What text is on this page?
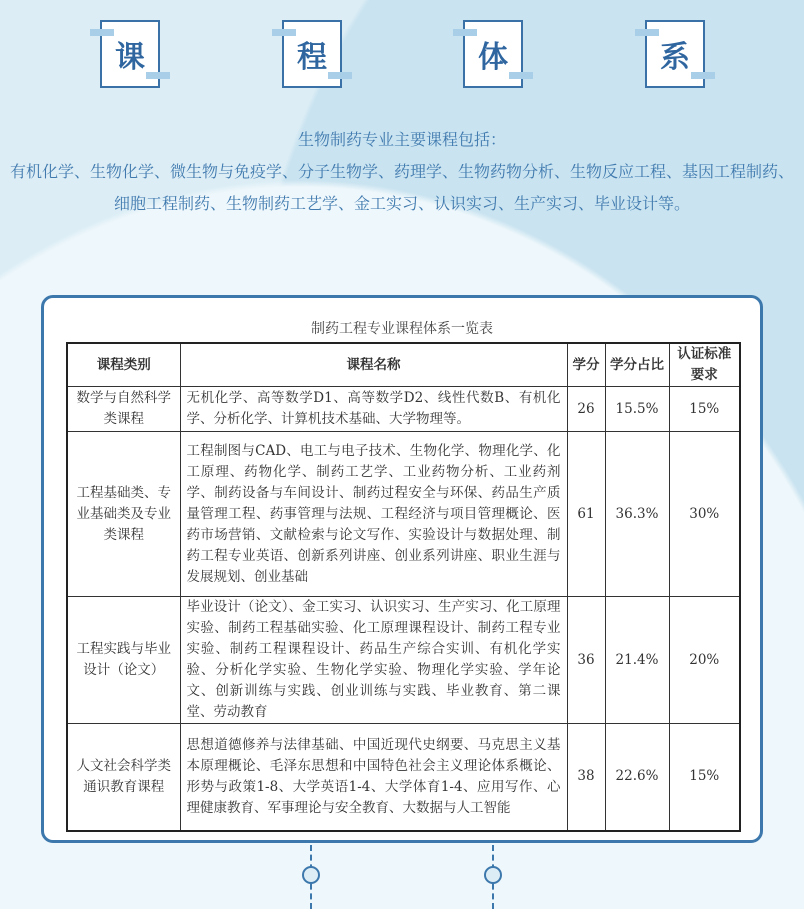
课	程	体	系
生物制药专业主要课程包括：
有机化学、生物化学、微生物与免疫学、分子生物学、药理学、生物药物分析、生物反应工程、基因工程制药、细胞工程制药、生物制药工艺学、金工实习、认识实习、生产实习、毕业设计等。
制药工程专业课程体系一览表
课程类别	课程名称	学分	学分占比	认证标准要求
数学与自然科学类课程	无机化学、高等数学D1、高等数学D2、线性代数B、有机化学、分析化学、计算机技术基础、大学物理等。	26	15.5%	15%
工程基础类、专业基础类及专业类课程	工程制图与CAD、电工与电子技术、生物化学、物理化学、化工原理、药物化学、制药工艺学、工业药物分析、工业药剂学、制药设备与车间设计、制药过程安全与环保、药品生产质量管理工程、药事管理与法规、工程经济与项目管理概论、医药市场营销、文献检索与论文写作、实验设计与数据处理、制药工程专业英语、创新系列讲座、创业系列讲座、职业生涯与发展规划、创业基础	61	36.3%	30%
工程实践与毕业设计（论文）	毕业设计（论文）、金工实习、认识实习、生产实习、化工原理实验、制药工程基础实验、化工原理课程设计、制药工程专业实验、制药工程课程设计、药品生产综合实训、有机化学实验、分析化学实验、生物化学实验、物理化学实验、学年论文、创新训练与实践、创业训练与实践、毕业教育、第二课堂、劳动教育	36	21.4%	20%
人文社会科学类通识教育课程	思想道德修养与法律基础、中国近现代史纲要、马克思主义基本原理概论、毛泽东思想和中国特色社会主义理论体系概论、形势与政策1-8、大学英语1-4、大学体育1-4、应用写作、心理健康教育、军事理论与安全教育、大数据与人工智能	38	22.6%	15%
